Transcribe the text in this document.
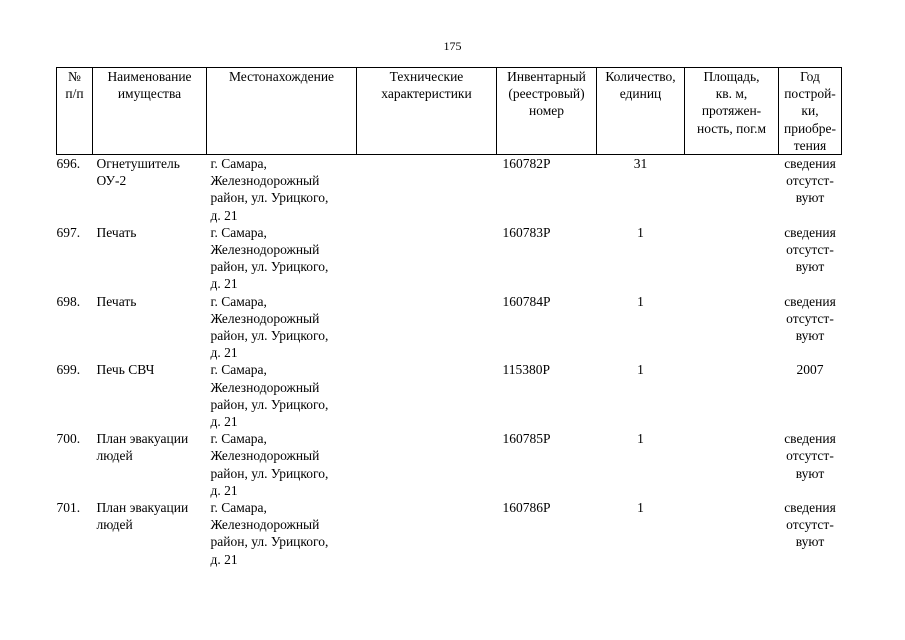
175
№
п/п	Наименование
имущества	Местонахождение	Технические
характеристики	Инвентарный
(реестровый)
номер	Количество,
единиц	Площадь,
кв. м,
протяжен-
ность, пог.м	Год
построй-
ки,
приобре-
тения
696.	Огнетушитель
ОУ-2	г. Самара,
Железнодорожный
район, ул. Урицкого,
д. 21		160782Р	31		сведения
отсутст-
вуют
697.	Печать	г. Самара,
Железнодорожный
район, ул. Урицкого,
д. 21		160783Р	1		сведения
отсутст-
вуют
698.	Печать	г. Самара,
Железнодорожный
район, ул. Урицкого,
д. 21		160784Р	1		сведения
отсутст-
вуют
699.	Печь СВЧ	г. Самара,
Железнодорожный
район, ул. Урицкого,
д. 21		115380Р	1		2007
700.	План эвакуации
людей	г. Самара,
Железнодорожный
район, ул. Урицкого,
д. 21		160785Р	1		сведения
отсутст-
вуют
701.	План эвакуации
людей	г. Самара,
Железнодорожный
район, ул. Урицкого,
д. 21		160786Р	1		сведения
отсутст-
вуют
